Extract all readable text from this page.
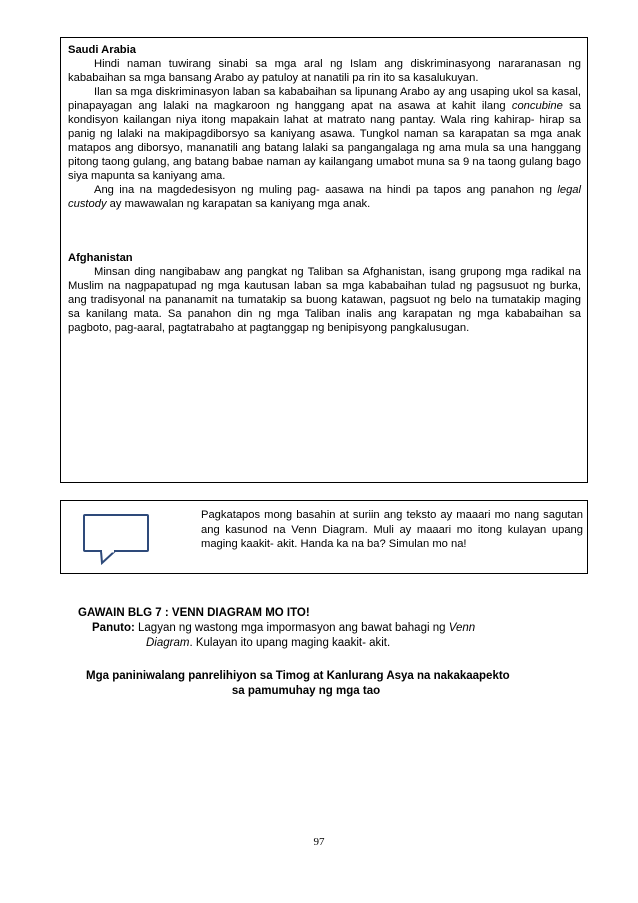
Saudi Arabia

Hindi naman tuwirang sinabi sa mga aral ng Islam ang diskriminasyong nararanasan ng kababaihan sa mga bansang Arabo ay patuloy at nanatili pa rin ito sa kasalukuyan.

Ilan sa mga diskriminasyon laban sa kababaihan sa lipunang Arabo ay ang usaping ukol sa kasal, pinapayagan ang lalaki na magkaroon ng hanggang apat na asawa at kahit ilang concubine sa kondisyon kailangan niya itong mapakain lahat at matrato nang pantay. Wala ring kahirap- hirap sa panig ng lalaki na makipagdiborsyo sa kaniyang asawa. Tungkol naman sa karapatan sa mga anak matapos ang diborsyo, mananatili ang batang lalaki sa pangangalaga ng ama mula sa una hanggang pitong taong gulang, ang batang babae naman ay kailangang umabot muna sa 9 na taong gulang bago siya mapunta sa kaniyang ama.

Ang ina na magdedesisyon ng muling pag- aasawa na hindi pa tapos ang panahon ng legal custody ay mawawalan ng karapatan sa kaniyang mga anak.

Afghanistan

Minsan ding nangibabaw ang pangkat ng Taliban sa Afghanistan, isang grupong mga radikal na Muslim na nagpapatupad ng mga kautusan laban sa mga kababaihan tulad ng pagsusuot ng burka, ang tradisyonal na pananamit na tumatakip sa buong katawan, pagsuot ng belo na tumatakip maging sa kanilang mata. Sa panahon din ng mga Taliban inalis ang karapatan ng mga kababaihan sa pagboto, pag-aaral, pagtatrabaho at pagtanggap ng benipisyong pangkalusugan.

Pagkatapos mong basahin at suriin ang teksto ay maaari mo nang sagutan ang kasunod na Venn Diagram. Muli ay maaari mo itong kulayan upang maging kaakit- akit. Handa ka na ba? Simulan mo na!

GAWAIN BLG 7 : VENN DIAGRAM MO ITO!

Panuto: Lagyan ng wastong mga impormasyon ang bawat bahagi ng Venn

Diagram. Kulayan ito upang maging kaakit- akit.

Mga paniniwalang panrelihiyon sa Timog at Kanlurang Asya na nakakaapekto

sa pamumuhay ng mga tao

97
